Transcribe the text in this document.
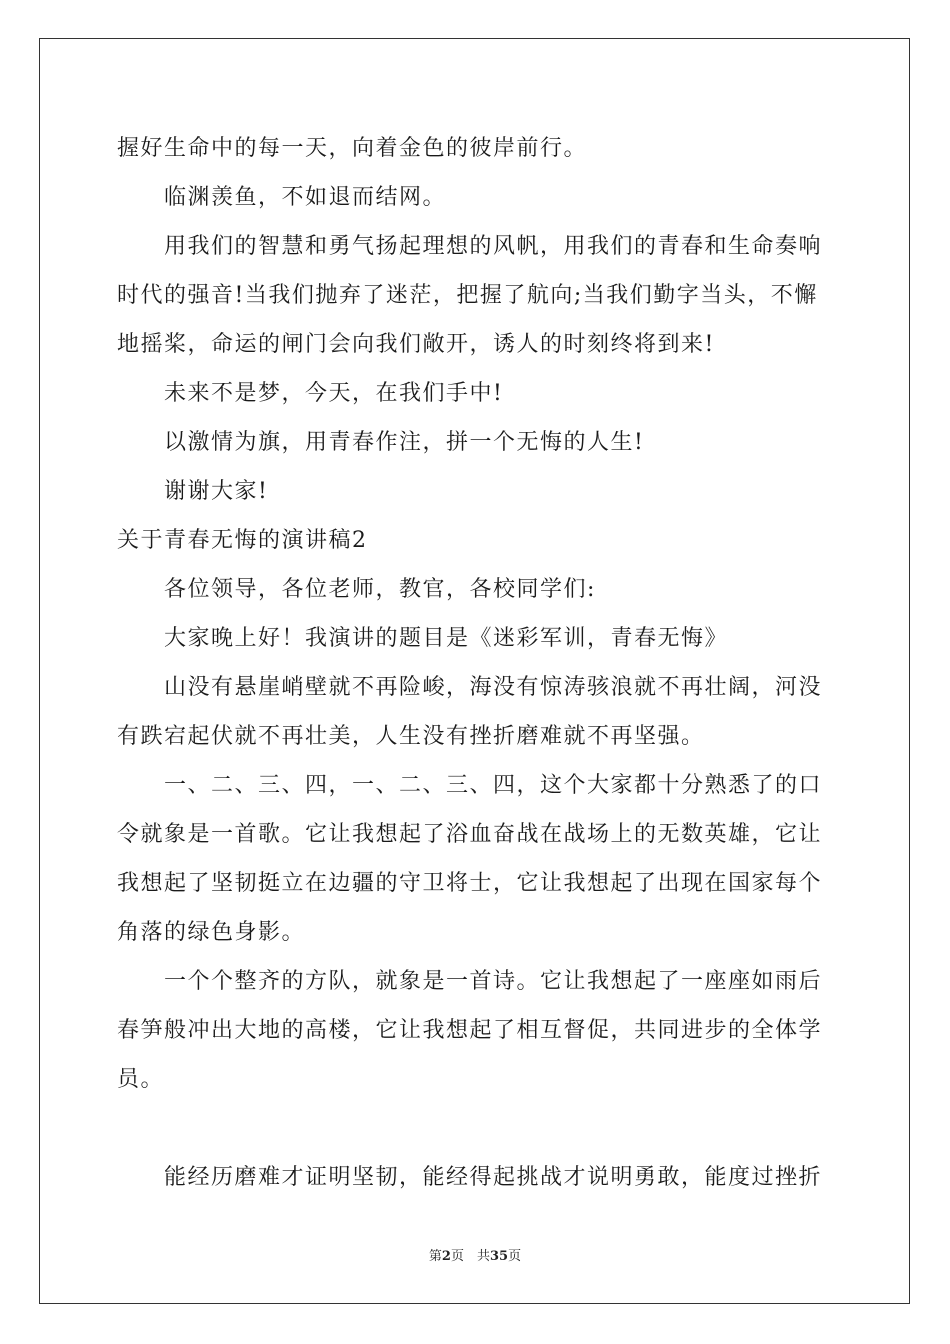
握好生命中的每一天，向着金色的彼岸前行。
临渊羡鱼，不如退而结网。
用我们的智慧和勇气扬起理想的风帆，用我们的青春和生命奏响
时代的强音!当我们抛弃了迷茫，把握了航向;当我们勤字当头，不懈
地摇桨，命运的闸门会向我们敞开，诱人的时刻终将到来!
未来不是梦，今天，在我们手中!
以激情为旗，用青春作注，拼一个无悔的人生!
谢谢大家!
关于青春无悔的演讲稿2
各位领导，各位老师，教官，各校同学们:
大家晚上好！我演讲的题目是《迷彩军训，青春无悔》
山没有悬崖峭壁就不再险峻，海没有惊涛骇浪就不再壮阔，河没
有跌宕起伏就不再壮美，人生没有挫折磨难就不再坚强。
一、二、三、四，一、二、三、四，这个大家都十分熟悉了的口
令就象是一首歌。它让我想起了浴血奋战在战场上的无数英雄，它让
我想起了坚韧挺立在边疆的守卫将士，它让我想起了出现在国家每个
角落的绿色身影。
一个个整齐的方队，就象是一首诗。它让我想起了一座座如雨后
春笋般冲出大地的高楼，它让我想起了相互督促，共同进步的全体学
员。
能经历磨难才证明坚韧，能经得起挑战才说明勇敢，能度过挫折
第2页　共35页
